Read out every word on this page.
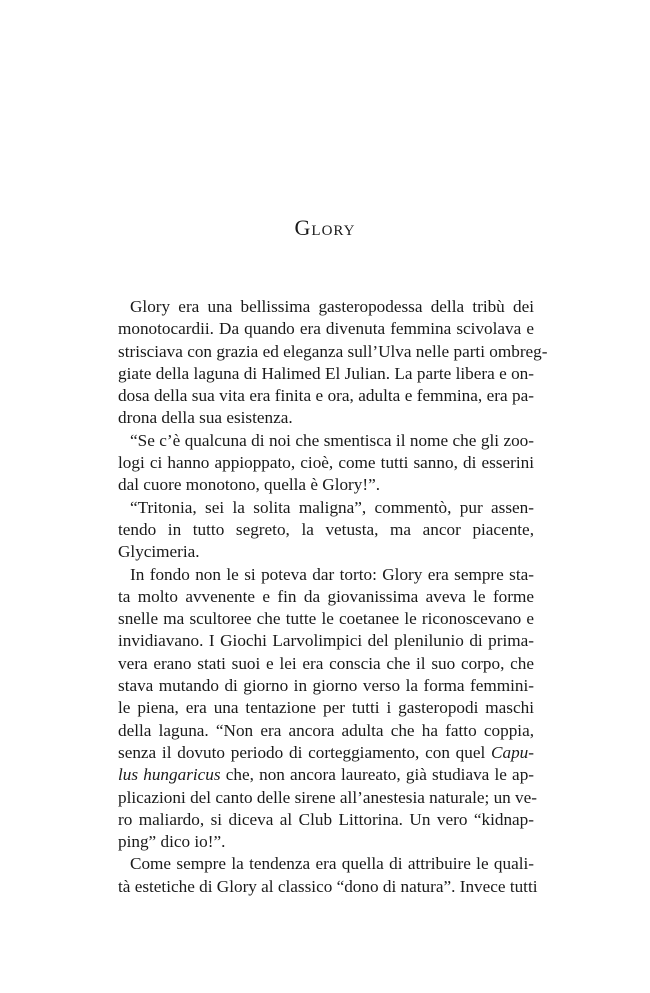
Glory
Glory era una bellissima gasteropodessa della tribù dei
monotocardii. Da quando era divenuta femmina scivolava e
strisciava con grazia ed eleganza sull’Ulva nelle parti ombreg-
giate della laguna di Halimed El Julian. La parte libera e on-
dosa della sua vita era finita e ora, adulta e femmina, era pa-
drona della sua esistenza.
“Se c’è qualcuna di noi che smentisca il nome che gli zoo-
logi ci hanno appioppato, cioè, come tutti sanno, di esserini
dal cuore monotono, quella è Glory!”.
“Tritonia, sei la solita maligna”, commentò, pur assen-
tendo in tutto segreto, la vetusta, ma ancor piacente,
Glycimeria.
In fondo non le si poteva dar torto: Glory era sempre sta-
ta molto avvenente e fin da giovanissima aveva le forme
snelle ma scultoree che tutte le coetanee le riconoscevano e
invidiavano. I Giochi Larvolimpici del plenilunio di prima-
vera erano stati suoi e lei era conscia che il suo corpo, che
stava mutando di giorno in giorno verso la forma femmini-
le piena, era una tentazione per tutti i gasteropodi maschi
della laguna. “Non era ancora adulta che ha fatto coppia,
senza il dovuto periodo di corteggiamento, con quel Capu-
lus hungaricus che, non ancora laureato, già studiava le ap-
plicazioni del canto delle sirene all’anestesia naturale; un ve-
ro maliardo, si diceva al Club Littorina. Un vero “kidnap-
ping” dico io!”.
Come sempre la tendenza era quella di attribuire le quali-
tà estetiche di Glory al classico “dono di natura”. Invece tutti
